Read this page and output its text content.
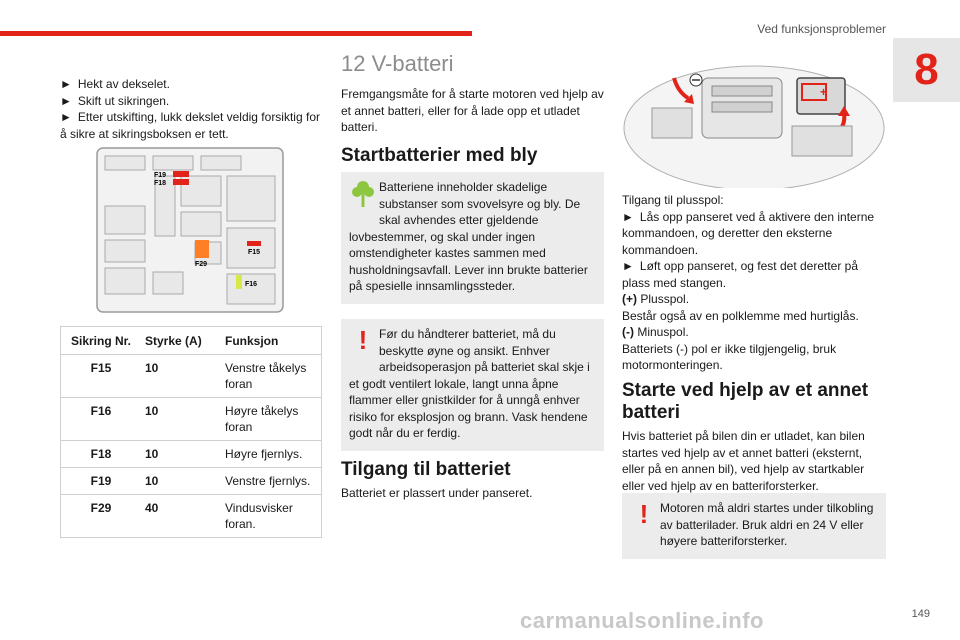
Ved funksjonsproblemer
8

► Hekt av dekselet.

► Skift ut sikringen.

► Etter utskifting, lukk dekslet veldig forsiktig for å sikre at sikringsboksen er tett.

F19
F18
F29
F15
F16
Sikring Nr.	Styrke (A)	Funksjon
F15	10	Venstre tåkelys foran
F16	10	Høyre tåkelys foran
F18	10	Høyre fjernlys.
F19	10	Venstre fjernlys.
F29	40	Vindusvisker foran.
12 V-batteri

Fremgangsmåte for å starte motoren ved hjelp av et annet batteri, eller for å lade opp et utladet batteri.

Startbatterier med bly
Batteriene inneholder skadelige substanser som svovelsyre og bly. De skal avhendes etter gjeldende lovbestemmer, og skal under ingen omstendigheter kastes sammen med husholdningsavfall. Lever inn brukte batterier på spesielle innsamlingssteder.
! Før du håndterer batteriet, må du beskytte øyne og ansikt. Enhver arbeidsoperasjon på batteriet skal skje i et godt ventilert lokale, langt unna åpne flammer eller gnistkilder for å unngå enhver risiko for eksplosjon og brann. Vask hendene godt når du er ferdig.
Tilgang til batteriet

Batteriet er plassert under panseret.

+

Tilgang til plusspol:

► Lås opp panseret ved å aktivere den interne kommandoen, og deretter den eksterne kommandoen.

► Løft opp panseret, og fest det deretter på plass med stangen.

(+) Plusspol.

Består også av en polklemme med hurtiglås.

(-) Minuspol.

Batteriets (-) pol er ikke tilgjengelig, bruk motormonteringen.

Starte ved hjelp av et annet batteri

Hvis batteriet på bilen din er utladet, kan bilen startes ved hjelp av et annet batteri (eksternt, eller på en annen bil), ved hjelp av startkabler eller ved hjelp av en batteriforsterker.

! Motoren må aldri startes under tilkobling av batterilader. Bruk aldri en 24 V eller høyere batteriforsterker.
carmanualsonline.info	149
